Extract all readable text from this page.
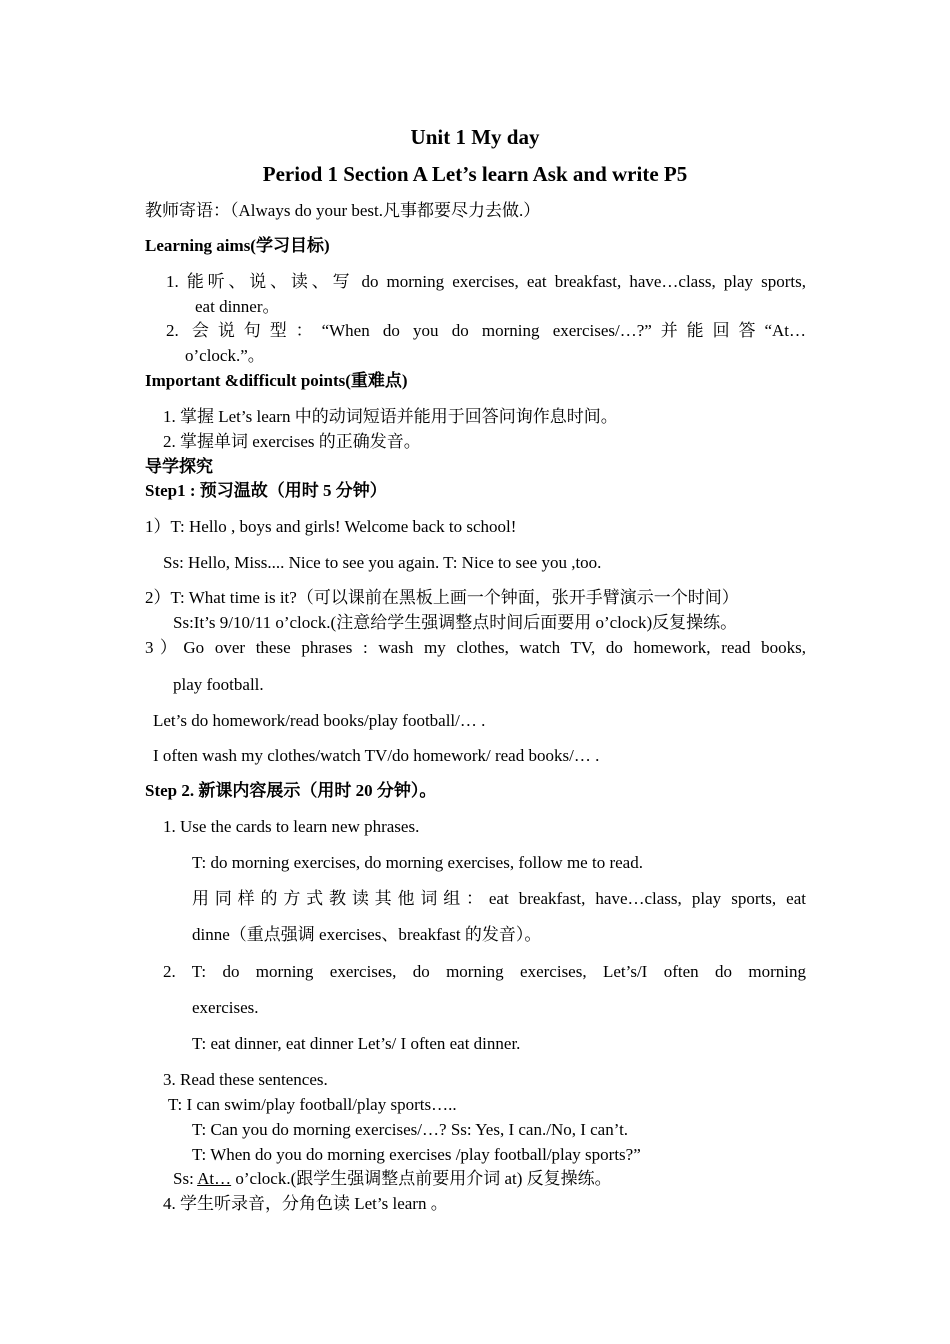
Unit 1 My day
Period 1 Section A Let’s learn Ask and write P5
教师寄语：（Always do your best.凡事都要尽力去做.）
Learning aims(学习目标)
1. 能听、说、读、写 do morning exercises, eat breakfast, have…class, play sports,
eat dinner。
2. 会说句型：“When do you do morning exercises/…?”并能回答“At…
o’clock.”。
Important &difficult points(重难点)
1. 掌握 Let’s learn 中的动词短语并能用于回答问询作息时间。
2. 掌握单词 exercises 的正确发音。
导学探究
Step1 : 预习温故（用时 5 分钟）
1）T: Hello , boys and girls! Welcome back to school!
Ss: Hello, Miss.... Nice to see you again. T: Nice to see you ,too.
2）T: What time is it?（可以课前在黑板上画一个钟面，张开手臂演示一个时间）
Ss:It’s 9/10/11 o’clock.(注意给学生强调整点时间后面要用 o’clock)反复操练。
3）Go over these phrases : wash my clothes, watch TV, do homework, read books,
play football.
Let’s do homework/read books/play football/… .
I often wash my clothes/watch TV/do homework/ read books/… .
Step 2. 新课内容展示（用时 20 分钟）。
1. Use the cards to learn new phrases.
T: do morning exercises, do morning exercises, follow me to read.
用同样的方式教读其他词组：eat breakfast, have…class, play sports, eat
dinne（重点强调 exercises、breakfast 的发音）。
2. T: do morning exercises, do morning exercises, Let’s/I often do morning
exercises.
T: eat dinner, eat dinner Let’s/ I often eat dinner.
3. Read these sentences.
T: I can swim/play football/play sports…..
T: Can you do morning exercises/…? Ss: Yes, I can./No, I can’t.
T: When do you do morning exercises /play football/play sports?”
Ss: At… o’clock.(跟学生强调整点前要用介词 at) 反复操练。
4. 学生听录音，分角色读 Let’s learn 。
